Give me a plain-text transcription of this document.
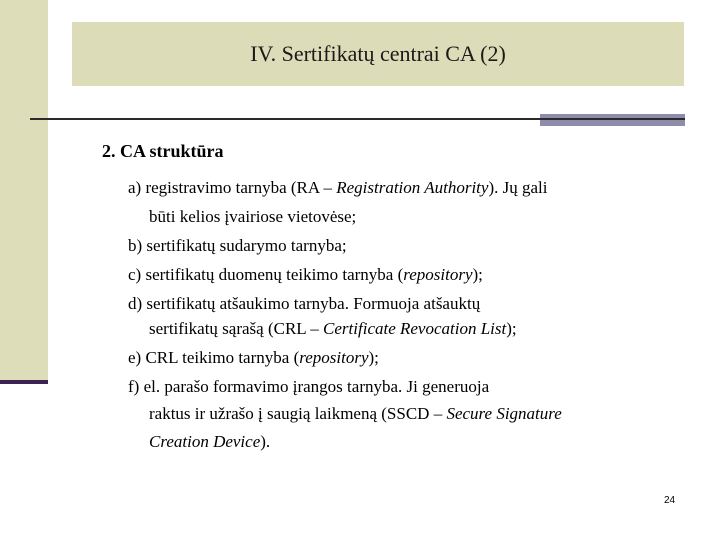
IV. Sertifikatų centrai CA (2)
2. CA struktūra
a) registravimo tarnyba (RA – Registration Authority). Jų gali
būti kelios įvairiose vietovėse;
b) sertifikatų sudarymo tarnyba;
c) sertifikatų duomenų teikimo tarnyba (repository);
d) sertifikatų atšaukimo tarnyba. Formuoja atšauktų
sertifikatų sąrašą (CRL – Certificate Revocation List);
e) CRL teikimo tarnyba (repository);
f) el. parašo formavimo įrangos tarnyba. Ji generuoja
raktus ir užrašo į saugią laikmeną (SSCD – Secure Signature
Creation Device).
24
